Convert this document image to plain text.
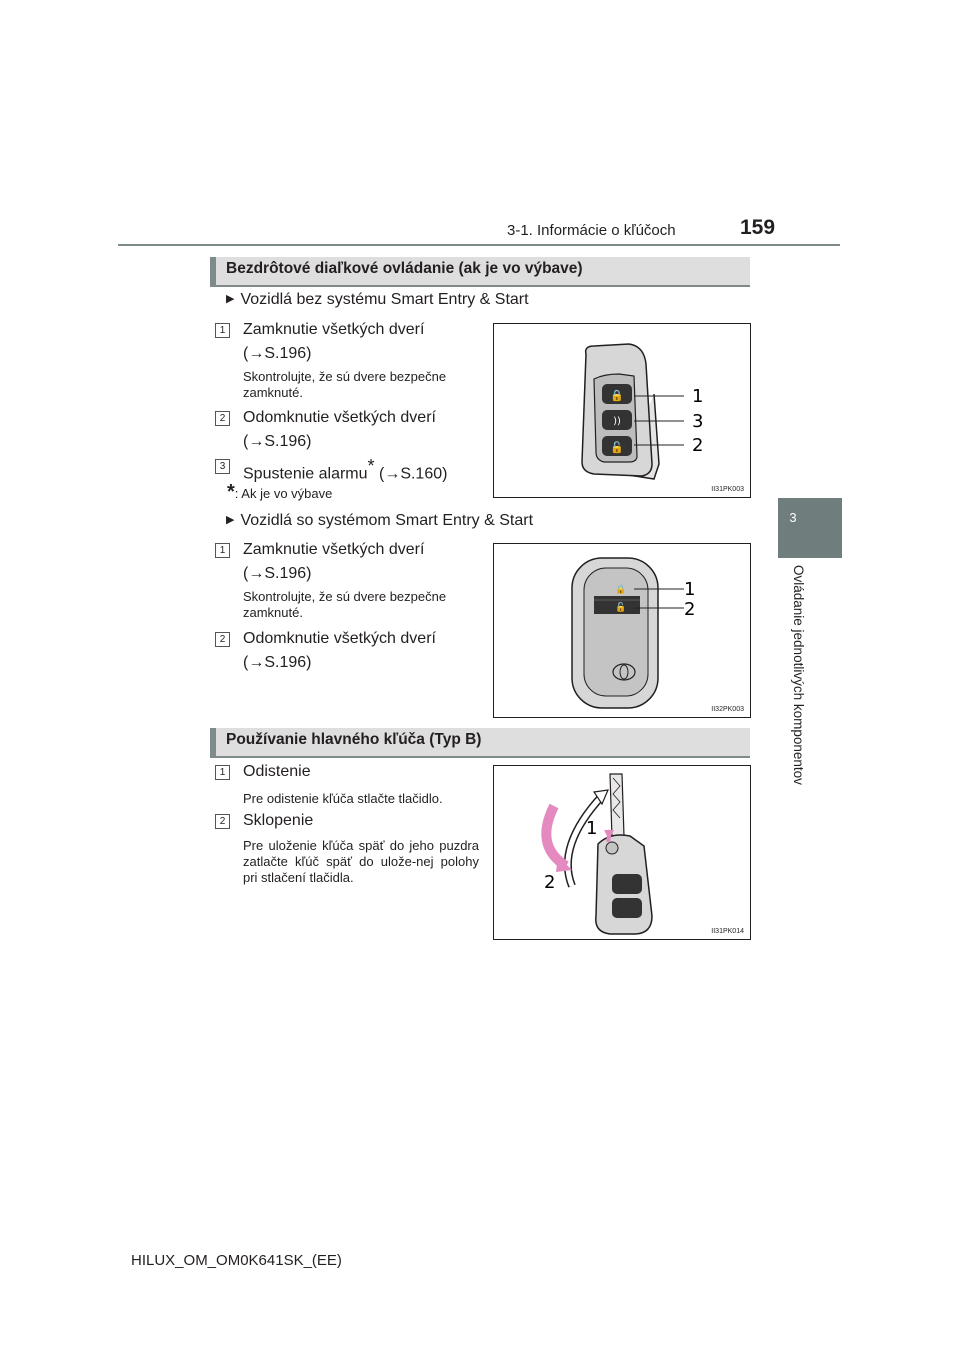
3-1. Informácie o kľúčoch	159
3
Ovládanie jednotlivých komponentov
Bezdrôtové diaľkové ovládanie (ak je vo výbave)
▶ Vozidlá bez systému Smart Entry & Start
1 Zamknutie všetkých dverí
(→S.196)
Skontrolujte, že sú dvere bezpečne zamknuté.
2 Odomknutie všetkých dverí
(→S.196)
3 Spustenie alarmu* (→S.160)
*: Ak je vo výbave
🔒
))
🔓
1
3
2
II31PK003
▶ Vozidlá so systémom Smart Entry & Start
1 Zamknutie všetkých dverí
(→S.196)
Skontrolujte, že sú dvere bezpečne zamknuté.
2 Odomknutie všetkých dverí
(→S.196)
🔒
🔓
1
2
II32PK003
Používanie hlavného kľúča (Typ B)
1 Odistenie
Pre odistenie kľúča stlačte tlačidlo.
2 Sklopenie
Pre uloženie kľúča späť do jeho puzdra zatlačte kľúč späť do ulože-nej polohy pri stlačení tlačidla.
1
2
II31PK014
HILUX_OM_OM0K641SK_(EE)
